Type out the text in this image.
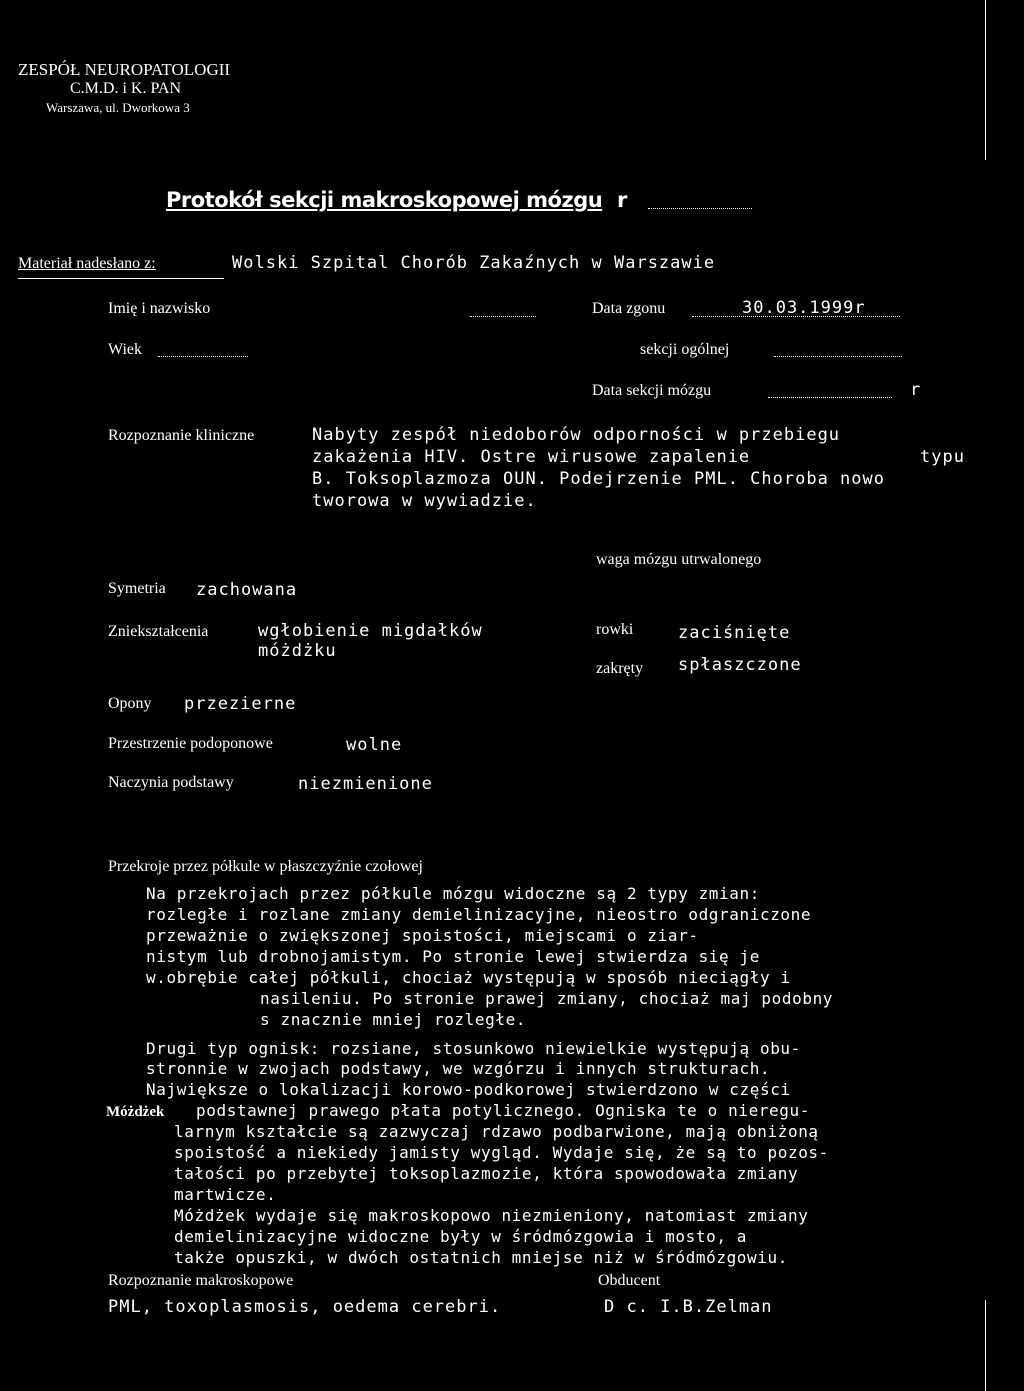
ZESPÓŁ NEUROPATOLOGII
C.M.D. i K. PAN
Warszawa, ul. Dworkowa 3
Protokół sekcji makroskopowej mózgu r
Materiał nadesłano z:	Wolski Szpital Chorób Zakaźnych w Warszawie
Imię i nazwisko	Data zgonu	30.03.1999r
Wiek	sekcji ogólnej
Data sekcji mózgu	r
Rozpoznanie kliniczne	Nabyty zespół niedoborów odporności w przebiegu
zakażenia HIV. Ostre wirusowe zapalenie	typu
B. Toksoplazmoza OUN. Podejrzenie PML. Choroba nowo
tworowa w wywiadzie.
waga mózgu utrwalonego
Symetria zachowana
Zniekształcenia	wgłobienie migdałków
móżdżku
rowki	zaciśnięte
zakręty spłaszczone
Opony przezierne
Przestrzenie podoponowe	wolne
Naczynia podstawy	niezmienione
Przekroje przez półkule w płaszczyźnie czołowej
Na przekrojach przez półkule mózgu widoczne są 2 typy zmian:
rozległe i rozlane zmiany demielinizacyjne, nieostro odgraniczone
przeważnie o zwiększonej spoistości, miejscami o ziar-
nistym lub drobnojamistym. Po stronie lewej stwierdza się je
w.obrębie całej półkuli, chociaż występują w sposób nieciągły i
nasileniu. Po stronie prawej zmiany, chociaż maj podobny
s znacznie mniej rozległe.
Drugi typ ognisk: rozsiane, stosunkowo niewielkie występują obu-
stronnie w zwojach podstawy, we wzgórzu i innych strukturach.
Największe o lokalizacji korowo-podkorowej stwierdzono w części
podstawnej prawego płata potylicznego. Ogniska te o nieregu-
larnym kształcie są zazwyczaj rdzawo podbarwione, mają obniżoną
spoistość a niekiedy jamisty wygląd. Wydaje się, że są to pozos-
tałości po przebytej toksoplazmozie, która spowodowała zmiany
martwicze.
Móżdżek
Móżdżek wydaje się makroskopowo niezmieniony, natomiast zmiany
demielinizacyjne widoczne były w śródmózgowia i mosto, a
także opuszki, w dwóch ostatnich mniejse niż w śródmózgowiu.
Rozpoznanie makroskopowe
PML, toxoplasmosis, oedema cerebri.
Obducent
D c. I.B.Zelman
